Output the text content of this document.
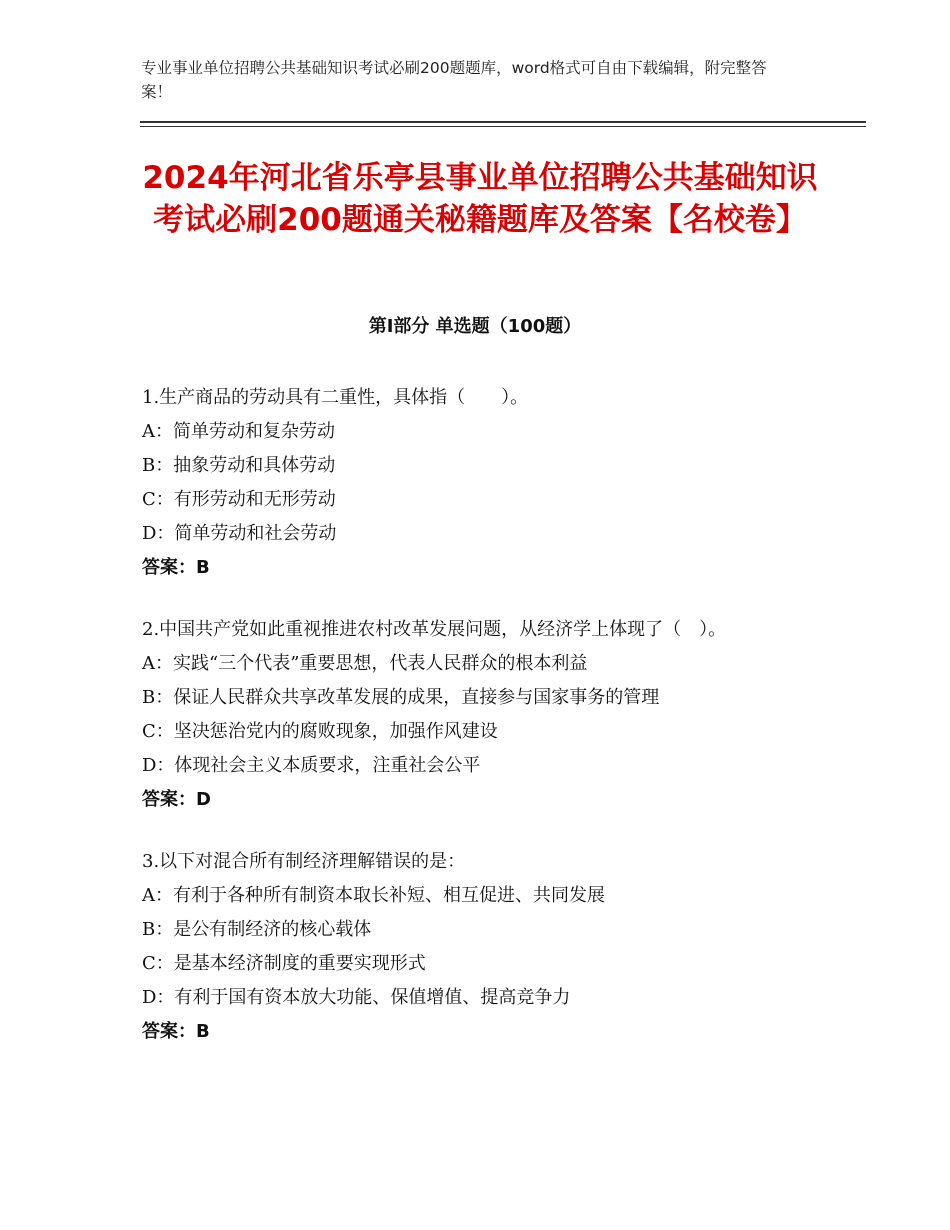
专业事业单位招聘公共基础知识考试必刷200题题库，word格式可自由下载编辑，附完整答案！
2024年河北省乐亭县事业单位招聘公共基础知识考试必刷200题通关秘籍题库及答案【名校卷】
第Ⅰ部分 单选题（100题）
1.生产商品的劳动具有二重性，具体指（　　）。
A：简单劳动和复杂劳动
B：抽象劳动和具体劳动
C：有形劳动和无形劳动
D：简单劳动和社会劳动
答案：B
2.中国共产党如此重视推进农村改革发展问题，从经济学上体现了（　）。
A：实践“三个代表”重要思想，代表人民群众的根本利益
B：保证人民群众共享改革发展的成果，直接参与国家事务的管理
C：坚决惩治党内的腐败现象，加强作风建设
D：体现社会主义本质要求，注重社会公平
答案：D
3.以下对混合所有制经济理解错误的是：
A：有利于各种所有制资本取长补短、相互促进、共同发展
B：是公有制经济的核心载体
C：是基本经济制度的重要实现形式
D：有利于国有资本放大功能、保值增值、提高竞争力
答案：B
